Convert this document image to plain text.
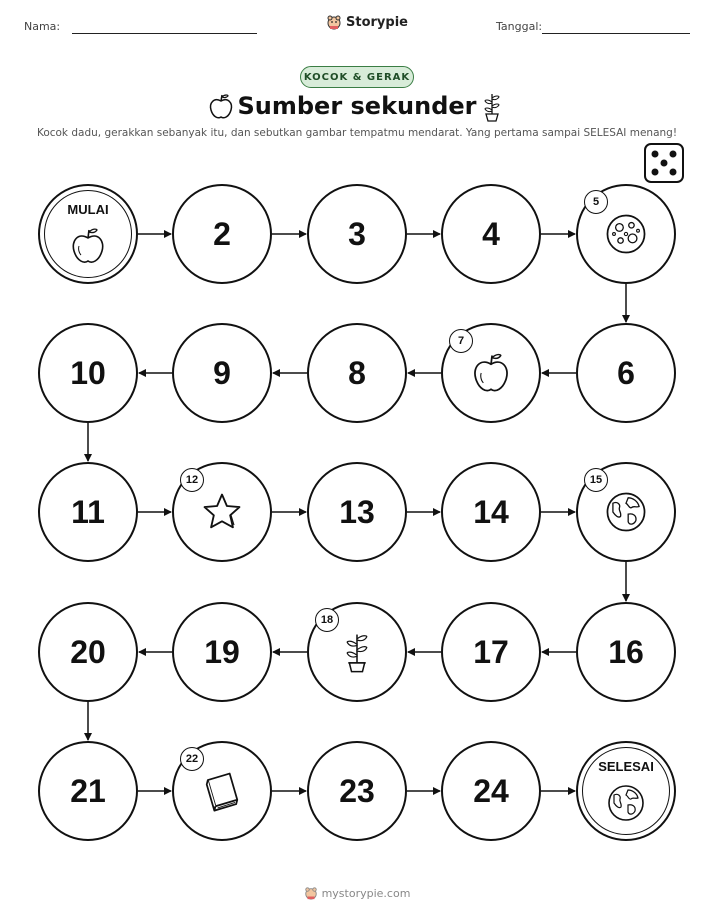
Nama:	Storypie	Tanggal:
KOCOK & GERAK
Sumber sekunder
Kocok dadu, gerakkan sebanyak itu, dan sebutkan gambar tempatmu mendarat. Yang pertama sampai SELESAI menang!
MULAI
2	3	4
5
6
7
8
9
10
11
12
13	14
15
16
17
18
19
20
21
22
23	24
SELESAI
mystorypie.com
